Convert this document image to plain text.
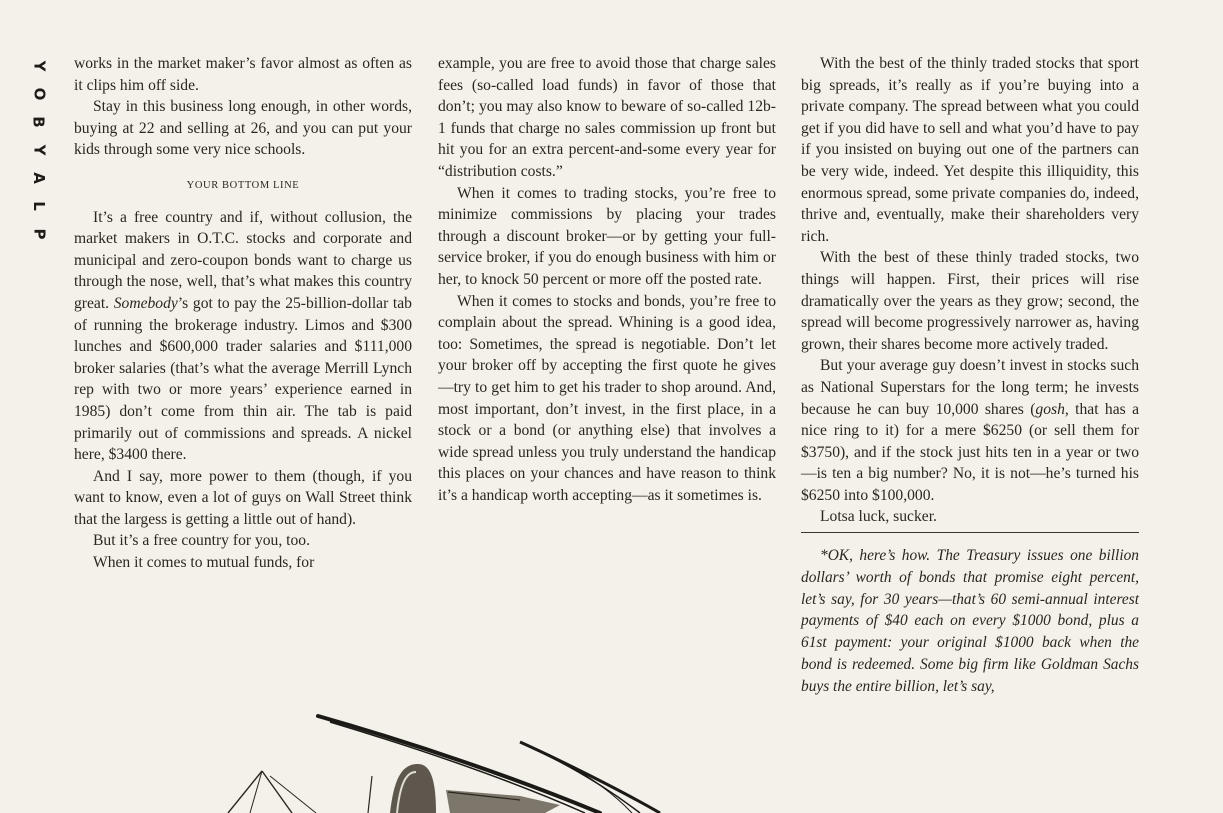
Y
O
B
Y
A
L
P

works in the market maker’s favor almost as often as it clips him off side.

Stay in this business long enough, in other words, buying at 22 and selling at 26, and you can put your kids through some very nice schools.

YOUR BOTTOM LINE

It’s a free country and if, without collusion, the market makers in O.T.C. stocks and corporate and municipal and zero-coupon bonds want to charge us through the nose, well, that’s what makes this country great. Somebody’s got to pay the 25-billion-dollar tab of running the brokerage industry. Limos and $300 lunches and $600,000 trader salaries and $111,000 broker salaries (that’s what the average Merrill Lynch rep with two or more years’ experience earned in 1985) don’t come from thin air. The tab is paid primarily out of commissions and spreads. A nickel here, $3400 there.

And I say, more power to them (though, if you want to know, even a lot of guys on Wall Street think that the largess is getting a little out of hand).

But it’s a free country for you, too.

When it comes to mutual funds, for

example, you are free to avoid those that charge sales fees (so-called load funds) in favor of those that don’t; you may also know to beware of so-called 12b-1 funds that charge no sales commission up front but hit you for an extra percent-and-some every year for “distribution costs.”

When it comes to trading stocks, you’re free to minimize commissions by placing your trades through a discount broker—or by getting your full-service broker, if you do enough business with him or her, to knock 50 percent or more off the posted rate.

When it comes to stocks and bonds, you’re free to complain about the spread. Whining is a good idea, too: Sometimes, the spread is negotiable. Don’t let your broker off by accepting the first quote he gives—try to get him to get his trader to shop around. And, most important, don’t invest, in the first place, in a stock or a bond (or anything else) that involves a wide spread unless you truly understand the handicap this places on your chances and have reason to think it’s a handicap worth accepting—as it sometimes is.

With the best of the thinly traded stocks that sport big spreads, it’s really as if you’re buying into a private company. The spread between what you could get if you did have to sell and what you’d have to pay if you insisted on buying out one of the partners can be very wide, indeed. Yet despite this illiquidity, this enormous spread, some private companies do, indeed, thrive and, eventually, make their shareholders very rich.

With the best of these thinly traded stocks, two things will happen. First, their prices will rise dramatically over the years as they grow; second, the spread will become progressively narrower as, having grown, their shares become more actively traded.

But your average guy doesn’t invest in stocks such as National Superstars for the long term; he invests because he can buy 10,000 shares (gosh, that has a nice ring to it) for a mere $6250 (or sell them for $3750), and if the stock just hits ten in a year or two—is ten a big number? No, it is not—he’s turned his $6250 into $100,000.

Lotsa luck, sucker.

*OK, here’s how. The Treasury issues one billion dollars’ worth of bonds that promise eight percent, let’s say, for 30 years—that’s 60 semi-annual interest payments of $40 each on every $1000 bond, plus a 61st payment: your original $1000 back when the bond is redeemed. Some big firm like Goldman Sachs buys the entire billion, let’s say,
